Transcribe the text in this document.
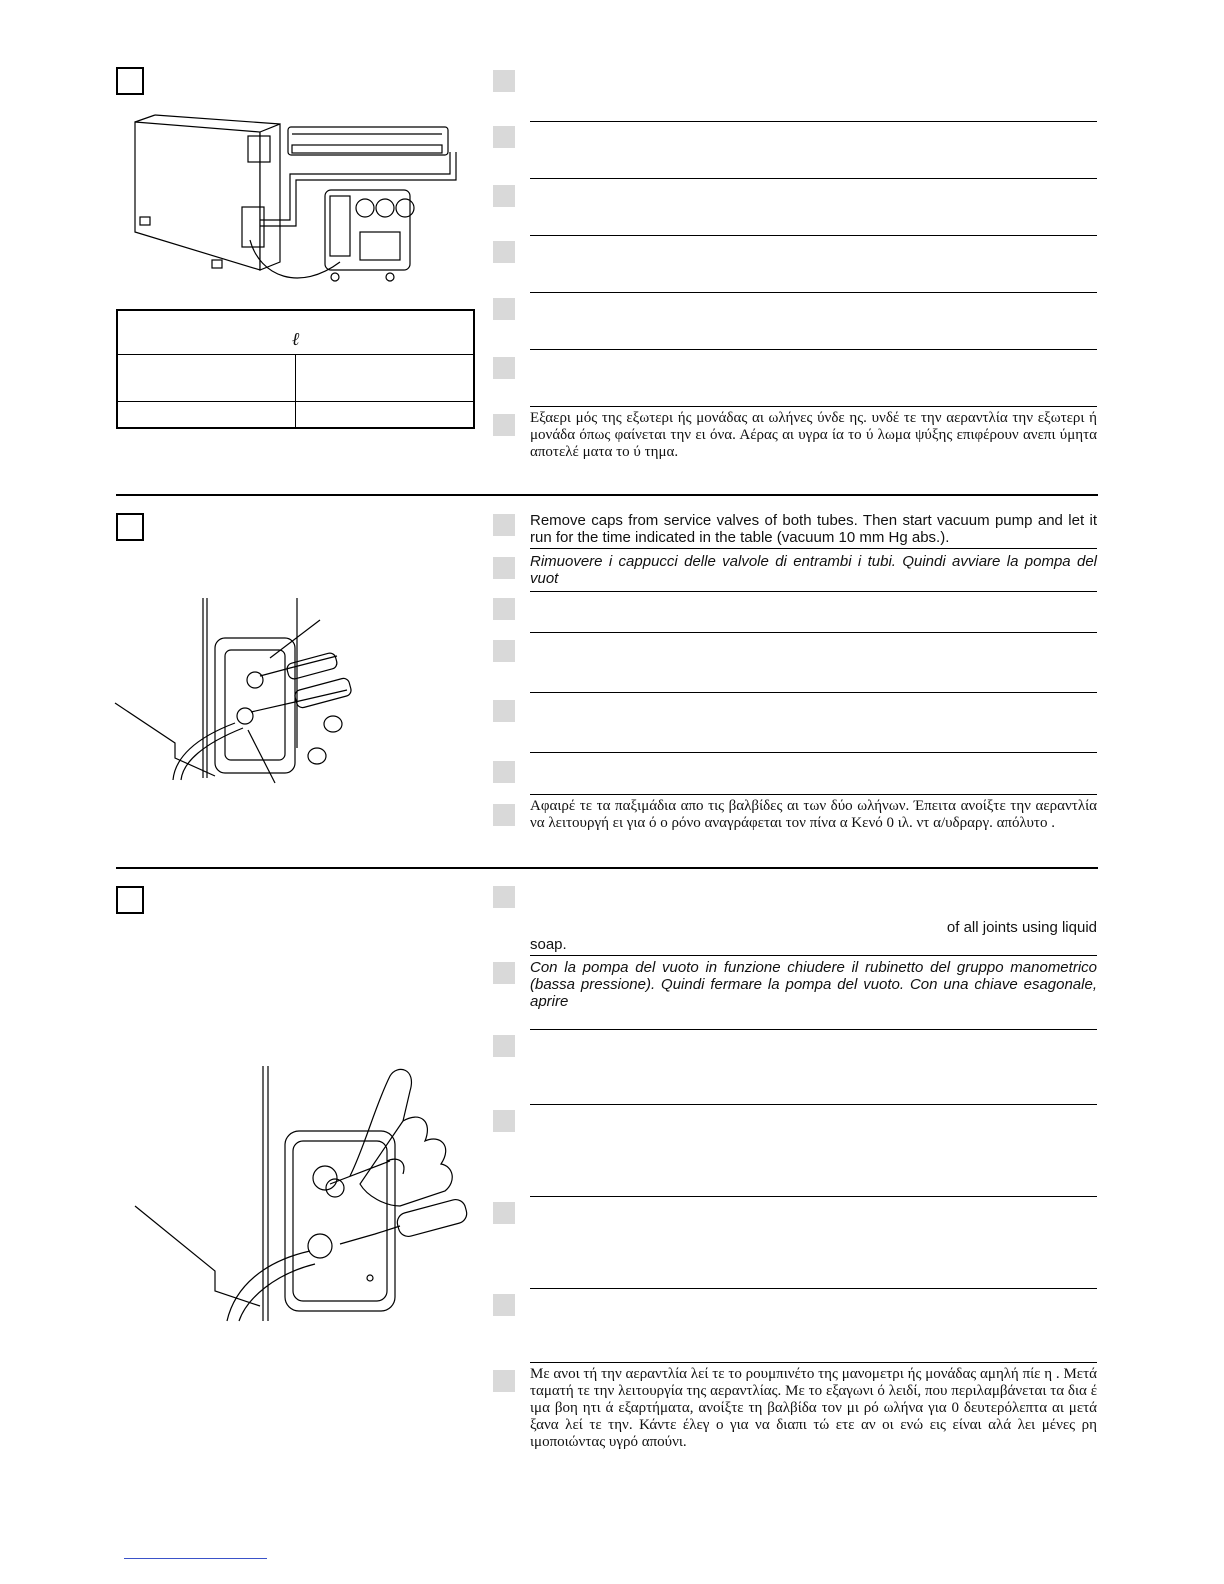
ℓ	

Εξαερι μός της εξωτερι ής μονάδας αι ωλήνες ύνδε ης. υνδέ τε την αεραντλία την εξωτερι ή μονάδα όπως φαίνεται την ει όνα. Αέρας αι υγρα ία το ύ λωμα ψύξης επιφέρουν ανεπι ύμητα αποτελέ ματα το ύ τημα.
Remove caps from service valves of both tubes. Then start vacuum pump and let it run for the time indicated in the table (vacuum 10 mm Hg abs.).
Rimuovere i cappucci delle valvole di entrambi i tubi. Quindi avviare la pompa del vuot
Αφαιρέ τε τα παξιμάδια απο τις βαλβίδες αι των δύο ωλήνων. Έπειτα ανοίξτε την αεραντλία να λειτουργή ει για ό ο ρόνο αναγράφεται τον πίνα α Κενό 0 ιλ. ντ α/υδραργ. απόλυτο .
of all joints using liquid
soap.
Con la pompa del vuoto in funzione chiudere il rubinetto del gruppo manometrico (bassa pressione). Quindi fermare la pompa del vuoto. Con una chiave esagonale, aprire
Με ανοι τή την αεραντλία λεί τε το ρουμπινέτο της μανομετρι ής μονάδας αμηλή πίε η . Μετά ταματή τε την λειτουργία της αεραντλίας. Με το εξαγωνι ό λειδί, που περιλαμβάνεται τα δια έ ιμα βοη ητι ά εξαρτήματα, ανοίξτε τη βαλβίδα τον μι ρό ωλήνα για 0 δευτερόλεπτα αι μετά ξανα λεί τε την. Κάντε έλεγ ο για να διαπι τώ ετε αν οι ενώ εις είναι αλά λει μένες ρη ιμοποιώντας υγρό απούνι.
